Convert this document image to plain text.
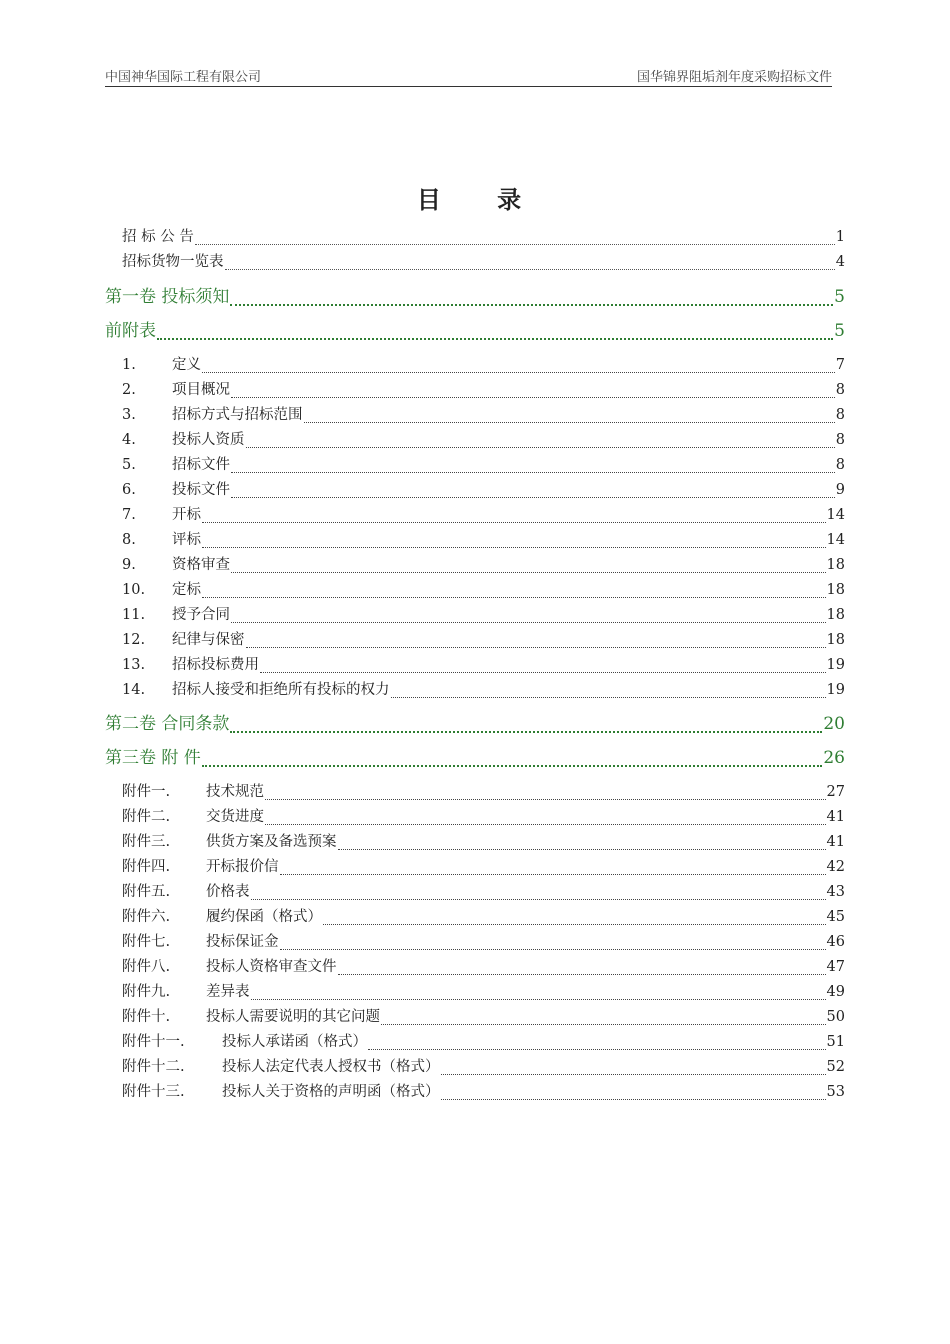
中国神华国际工程有限公司	国华锦界阻垢剂年度采购招标文件
目 录
招 标 公 告	1
招标货物一览表	4
第一卷 投标须知	5
前附表	5
1.	定义	7
2.	项目概况	8
3.	招标方式与招标范围	8
4.	投标人资质	8
5.	招标文件	8
6.	投标文件	9
7.	开标	14
8.	评标	14
9.	资格审查	18
10.	定标	18
11.	授予合同	18
12.	纪律与保密	18
13.	招标投标费用	19
14.	招标人接受和拒绝所有投标的权力	19
第二卷 合同条款	20
第三卷 附 件	26
附件一.	技术规范	27
附件二.	交货进度	41
附件三.	供货方案及备选预案	41
附件四.	开标报价信	42
附件五.	价格表	43
附件六.	履约保函（格式）	45
附件七.	投标保证金	46
附件八.	投标人资格审查文件	47
附件九.	差异表	49
附件十.	投标人需要说明的其它问题	50
附件十一.	投标人承诺函（格式）	51
附件十二.	投标人法定代表人授权书（格式）	52
附件十三.	投标人关于资格的声明函（格式）	53
